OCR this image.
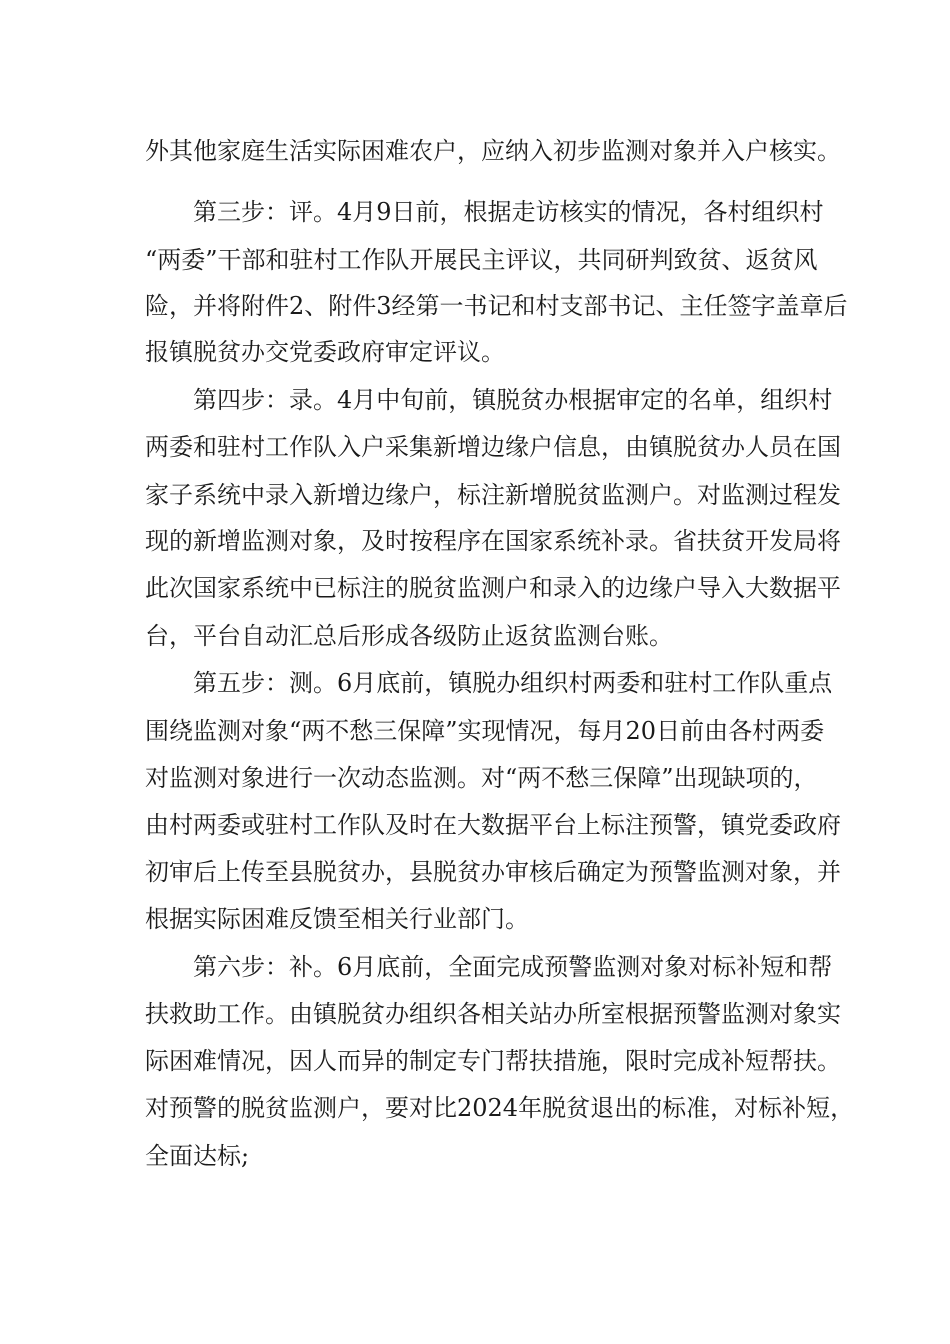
外其他家庭生活实际困难农户，应纳入初步监测对象并入户核实。
第三步：评。4月9日前，根据走访核实的情况，各村组织村
“两委”干部和驻村工作队开展民主评议，共同研判致贫、返贫风
险，并将附件2、附件3经第一书记和村支部书记、主任签字盖章后
报镇脱贫办交党委政府审定评议。
第四步：录。4月中旬前，镇脱贫办根据审定的名单，组织村
两委和驻村工作队入户采集新增边缘户信息，由镇脱贫办人员在国
家子系统中录入新增边缘户，标注新增脱贫监测户。对监测过程发
现的新增监测对象，及时按程序在国家系统补录。省扶贫开发局将
此次国家系统中已标注的脱贫监测户和录入的边缘户导入大数据平
台，平台自动汇总后形成各级防止返贫监测台账。
第五步：测。6月底前，镇脱办组织村两委和驻村工作队重点
围绕监测对象“两不愁三保障”实现情况，每月20日前由各村两委
对监测对象进行一次动态监测。对“两不愁三保障”出现缺项的，
由村两委或驻村工作队及时在大数据平台上标注预警，镇党委政府
初审后上传至县脱贫办，县脱贫办审核后确定为预警监测对象，并
根据实际困难反馈至相关行业部门。
第六步：补。6月底前，全面完成预警监测对象对标补短和帮
扶救助工作。由镇脱贫办组织各相关站办所室根据预警监测对象实
际困难情况，因人而异的制定专门帮扶措施，限时完成补短帮扶。
对预警的脱贫监测户，要对比2024年脱贫退出的标准，对标补短，
全面达标;
